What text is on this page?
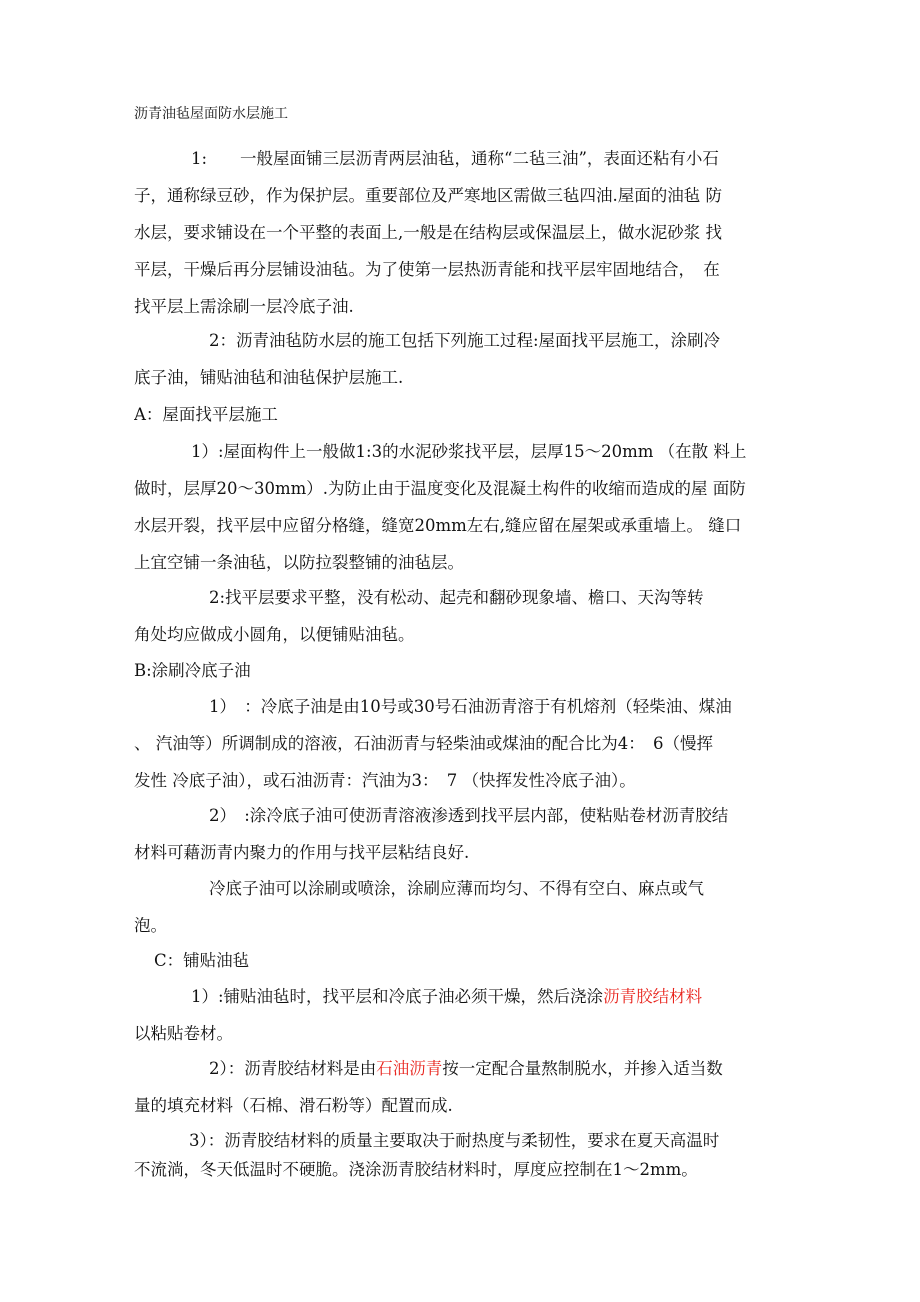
沥青油毡屋面防水层施工
1:　　一般屋面铺三层沥青两层油毡，通称“二毡三油”，表面还粘有小石
子，通称绿豆砂，作为保护层。重要部位及严寒地区需做三毡四油.屋面的油毡 防
水层，要求铺设在一个平整的表面上,一般是在结构层或保温层上，做水泥砂浆 找
平层，干燥后再分层铺设油毡。为了使第一层热沥青能和找平层牢固地结合，　在
找平层上需涂刷一层冷底子油.
2：沥青油毡防水层的施工包括下列施工过程:屋面找平层施工，涂刷冷
底子油，铺贴油毡和油毡保护层施工.
A：屋面找平层施工
1）:屋面构件上一般做1:3的水泥砂浆找平层，层厚15～20mm （在散 料上
做时，层厚20～30mm）.为防止由于温度变化及混凝土构件的收缩而造成的屋 面防
水层开裂，找平层中应留分格缝，缝宽20mm左右,缝应留在屋架或承重墙上。 缝口
上宜空铺一条油毡，以防拉裂整铺的油毡层。
2:找平层要求平整，没有松动、起壳和翻砂现象墙、檐口、天沟等转
角处均应做成小圆角，以便铺贴油毡。
B:涂刷冷底子油
1）　：冷底子油是由10号或30号石油沥青溶于有机熔剂（轻柴油、煤油
、 汽油等）所调制成的溶液，石油沥青与轻柴油或煤油的配合比为4：　6（慢挥
发性 冷底子油），或石油沥青：汽油为3：　7 （快挥发性冷底子油）。
2）　:涂冷底子油可使沥青溶液渗透到找平层内部，使粘贴卷材沥青胶结
材料可藉沥青内聚力的作用与找平层粘结良好.
冷底子油可以涂刷或喷涂，涂刷应薄而均匀、不得有空白、麻点或气
泡。
C：铺贴油毡
1）:铺贴油毡时，找平层和冷底子油必须干燥，然后浇涂沥青胶结材料
以粘贴卷材。
2）：沥青胶结材料是由石油沥青按一定配合量熬制脱水，并掺入适当数
量的填充材料（石棉、滑石粉等）配置而成.
3）：沥青胶结材料的质量主要取决于耐热度与柔韧性，要求在夏天高温时
不流淌，冬天低温时不硬脆。浇涂沥青胶结材料时，厚度应控制在1～2mm。
